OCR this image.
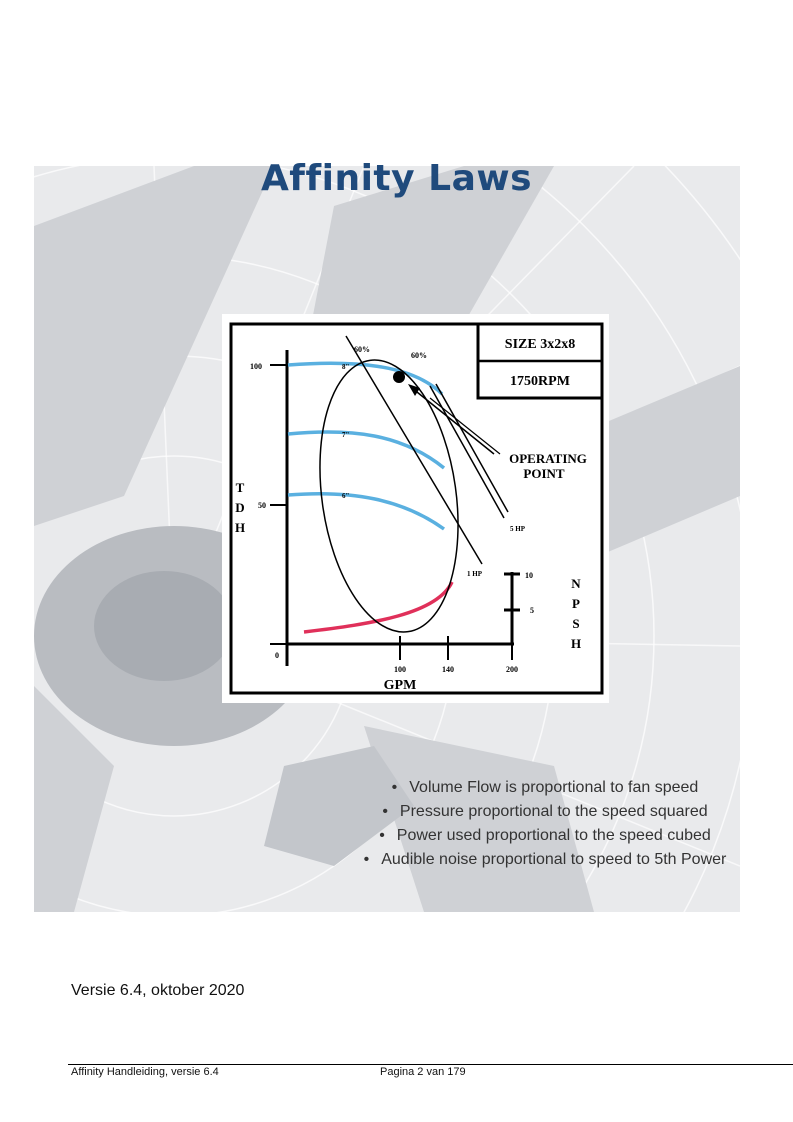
Affinity Laws
SIZE 3x2x8
1750RPM
100
50
0
100	140	200
GPM
T
D
H
10
5
N
P
S
H
8"
7"
6"
60%
60%
1 HP
5 HP
OPERATING
POINT
• Volume Flow is proportional to fan speed
• Pressure proportional to the speed squared
• Power used proportional to the speed cubed
• Audible noise proportional to speed to 5th Power
Versie 6.4, oktober 2020
Affinity Handleiding, versie 6.4	Pagina 2 van 179
